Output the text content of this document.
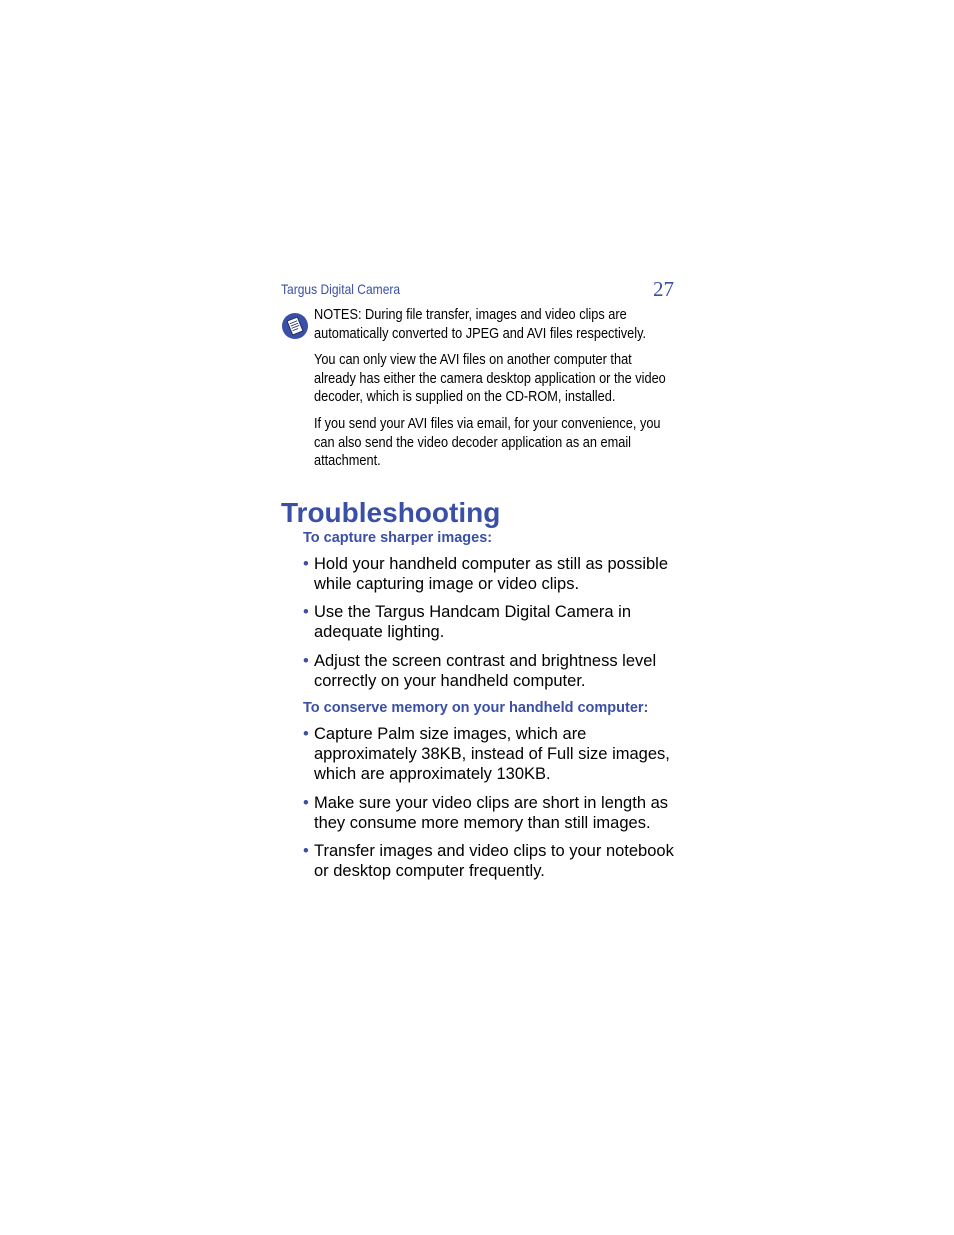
Targus Digital Camera	27

NOTES: During file transfer, images and video clips are automatically converted to JPEG and AVI files respectively.

You can only view the AVI files on another computer that already has either the camera desktop application or the video decoder, which is supplied on the CD-ROM, installed.

If you send your AVI files via email, for your convenience, you can also send the video decoder application as an email attachment.

Troubleshooting
To capture sharper images:
• Hold your handheld computer as still as possible while capturing image or video clips.
• Use the Targus Handcam Digital Camera in adequate lighting.
• Adjust the screen contrast and brightness level correctly on your handheld computer.
To conserve memory on your handheld computer:
• Capture Palm size images, which are approximately 38KB, instead of Full size images, which are approximately 130KB.
• Make sure your video clips are short in length as they consume more memory than still images.
• Transfer images and video clips to your notebook or desktop computer frequently.
